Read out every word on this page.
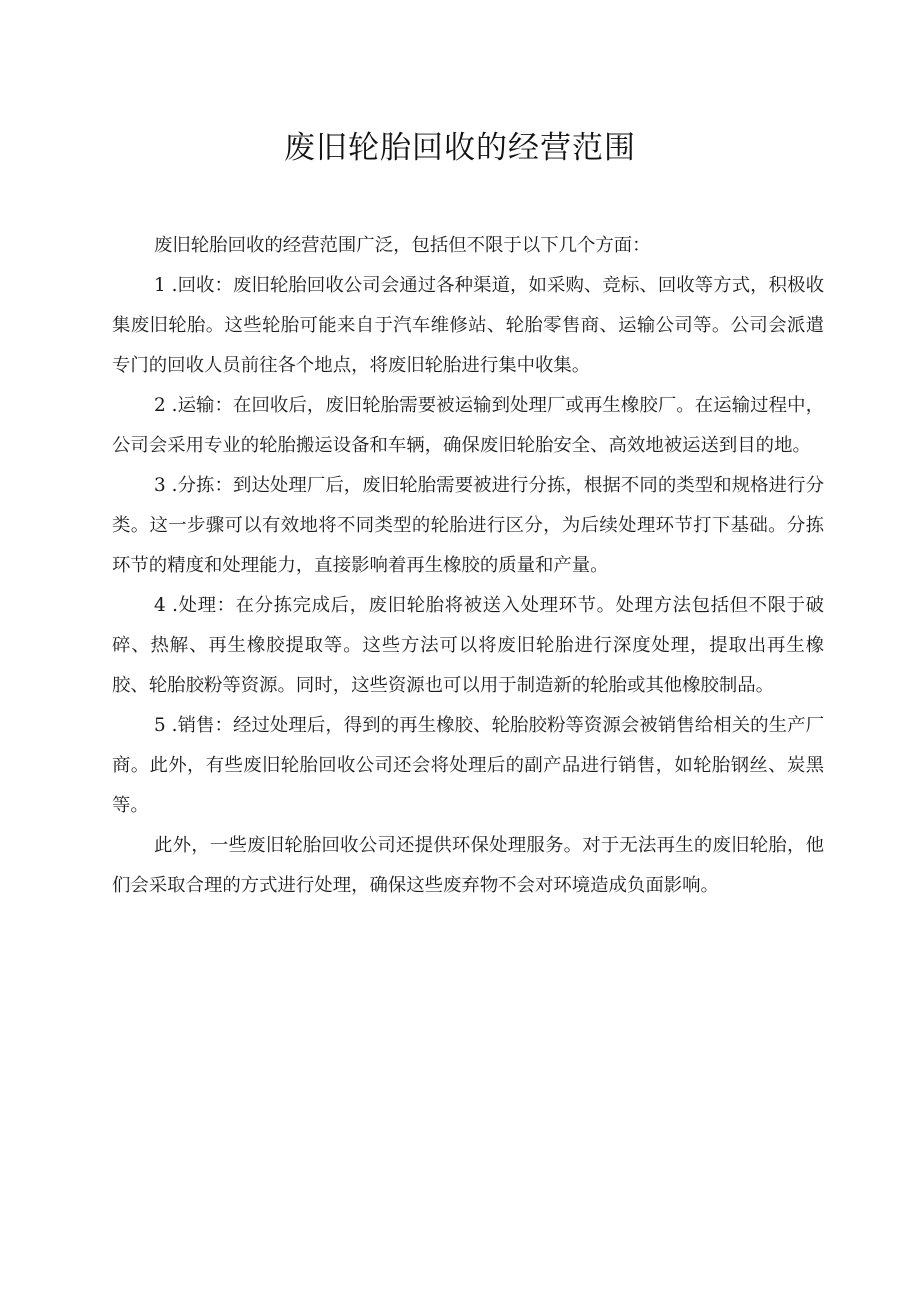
废旧轮胎回收的经营范围

废旧轮胎回收的经营范围广泛，包括但不限于以下几个方面：

1 .回收：废旧轮胎回收公司会通过各种渠道，如采购、竞标、回收等方式，积极收集废旧轮胎。这些轮胎可能来自于汽车维修站、轮胎零售商、运输公司等。公司会派遣专门的回收人员前往各个地点，将废旧轮胎进行集中收集。

2 .运输：在回收后，废旧轮胎需要被运输到处理厂或再生橡胶厂。在运输过程中，公司会采用专业的轮胎搬运设备和车辆，确保废旧轮胎安全、高效地被运送到目的地。

3 .分拣：到达处理厂后，废旧轮胎需要被进行分拣，根据不同的类型和规格进行分类。这一步骤可以有效地将不同类型的轮胎进行区分，为后续处理环节打下基础。分拣环节的精度和处理能力，直接影响着再生橡胶的质量和产量。

4 .处理：在分拣完成后，废旧轮胎将被送入处理环节。处理方法包括但不限于破碎、热解、再生橡胶提取等。这些方法可以将废旧轮胎进行深度处理，提取出再生橡胶、轮胎胶粉等资源。同时，这些资源也可以用于制造新的轮胎或其他橡胶制品。

5 .销售：经过处理后，得到的再生橡胶、轮胎胶粉等资源会被销售给相关的生产厂商。此外，有些废旧轮胎回收公司还会将处理后的副产品进行销售，如轮胎钢丝、炭黑等。

此外，一些废旧轮胎回收公司还提供环保处理服务。对于无法再生的废旧轮胎，他们会采取合理的方式进行处理，确保这些废弃物不会对环境造成负面影响。
